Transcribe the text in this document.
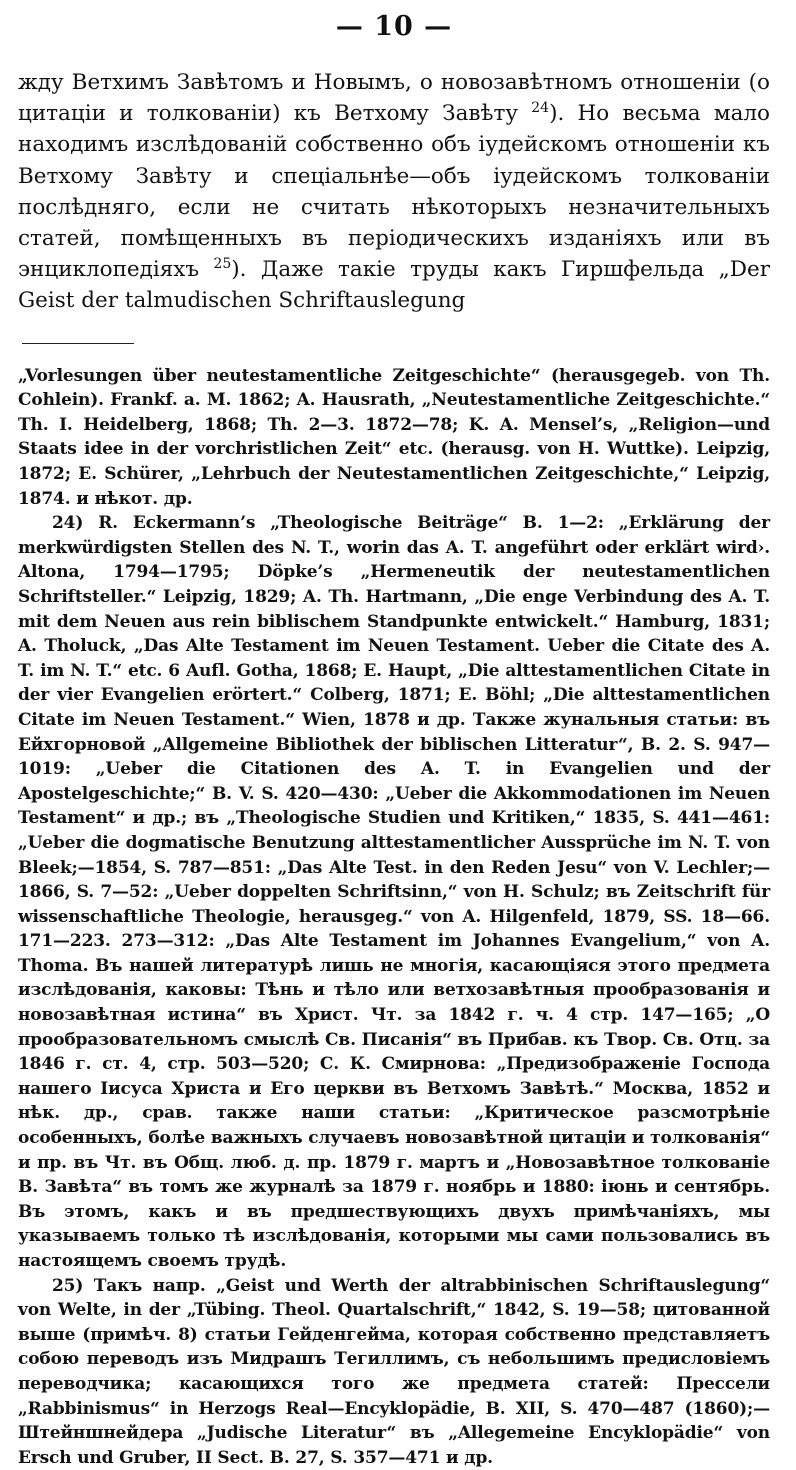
— 10 —

жду Ветхимъ Завѣтомъ и Новымъ, о новозавѣтномъ отношеніи (о цитаціи и толкованіи) къ Ветхому Завѣту $^{24}$). Но весьма мало находимъ изслѣдованій собственно объ іудейскомъ отношеніи къ Ветхому Завѣту и спеціальнѣе—объ іудейскомъ толкованіи послѣдняго, если не считать нѣкоторыхъ незначительныхъ статей, помѣщенныхъ въ періодическихъ изданіяхъ или въ энциклопедіяхъ $^{25}$). Даже такіе труды какъ Гиршфельда „Der Geist der talmudischen Schriftauslegung

„Vorlesungen über neutestamentliche Zeitgeschichte“ (herausgegeb. von Th. Cohlein). Frankf. a. M. 1862; A. Hausrath, „Neutestamentliche Zeitgeschichte.“ Th. I. Heidelberg, 1868; Th. 2—3. 1872—78; K. A. Mensel’s, „Religion—und Staats idee in der vorchristlichen Zeit“ etc. (herausg. von H. Wuttke). Leipzig, 1872; E. Schürer, „Lehrbuch der Neutestamentlichen Zeitgeschichte,“ Leipzig, 1874. и нѣкот. др.

24) R. Eckermann’s „Theologische Beiträge“ B. 1—2: „Erklärung der merkwürdigsten Stellen des N. T., worin das A. T. angeführt oder erklärt wird›. Altona, 1794—1795; Döpke’s „Hermeneutik der neutestamentlichen Schriftsteller.“ Leipzig, 1829; A. Th. Hartmann, „Die enge Verbindung des A. T. mit dem Neuen aus rein biblischem Standpunkte entwickelt.“ Hamburg, 1831; A. Tholuck, „Das Alte Testament im Neuen Testament. Ueber die Citate des A. T. im N. T.“ etc. 6 Aufl. Gotha, 1868; E. Haupt, „Die alttestamentlichen Citate in der vier Evangelien erörtert.“ Colberg, 1871; E. Böhl; „Die alttestamentlichen Citate im Neuen Testament.“ Wien, 1878 и др. Также жунальныя статьи: въ Ейхгорновой „Allgemeine Bibliothek der biblischen Litteratur“, B. 2. S. 947—1019: „Ueber die Citationen des A. T. in Evangelien und der Apostelgeschichte;“ B. V. S. 420—430: „Ueber die Akkommodationen im Neuen Testament“ и др.; въ „Theologische Studien und Kritiken,“ 1835, S. 441—461: „Ueber die dogmatische Benutzung alttestamentlicher Aussprüche im N. T. von Bleek;—1854, S. 787—851: „Das Alte Test. in den Reden Jesu“ von V. Lechler;—1866, S. 7—52: „Ueber doppelten Schriftsinn,“ von H. Schulz; въ Zeitschrift für wissenschaftliche Theologie, herausgeg.“ von A. Hilgenfeld, 1879, SS. 18—66. 171—223. 273—312: „Das Alte Testament im Johannes Evangelium,“ von A. Thoma. Въ нашей литературѣ лишь не многія, касающіяся этого предмета изслѣдованія, каковы: Тѣнь и тѣло или ветхозавѣтныя прообразованія и новозавѣтная истина“ въ Христ. Чт. за 1842 г. ч. 4 стр. 147—165; „О прообразовательномъ смыслѣ Св. Писанія“ въ Прибав. къ Твор. Св. Отц. за 1846 г. ст. 4, стр. 503—520; С. К. Смирнова: „Предизображеніе Господа нашего Іисуса Христа и Его церкви въ Ветхомъ Завѣтѣ.“ Москва, 1852 и нѣк. др., срав. также наши статьи: „Критическое разсмотрѣніе особенныхъ, болѣе важныхъ случаевъ новозавѣтной цитаціи и толкованія“ и пр. въ Чт. въ Общ. люб. д. пр. 1879 г. мартъ и „Новозавѣтное толкованіе В. Завѣта“ въ томъ же журналѣ за 1879 г. ноябрь и 1880: іюнь и сентябрь. Въ этомъ, какъ и въ предшествующихъ двухъ примѣчаніяхъ, мы указываемъ только тѣ изслѣдованія, которыми мы сами пользовались въ настоящемъ своемъ трудѣ.

25) Такъ напр. „Geist und Werth der altrabbinischen Schriftauslegung“ von Welte, in der „Tübing. Theol. Quartalschrift,“ 1842, S. 19—58; цитованной выше (примѣч. 8) статьи Гейденгейма, которая собственно представляетъ собою переводъ изъ Мидрашъ Тегиллимъ, съ небольшимъ предисловіемъ переводчика; касающихся того же предмета статей: Прессели „Rabbinismus“ in Herzogs Real—Encyklopädie, B. XII, S. 470—487 (1860);—Штейншнейдера „Judische Literatur“ въ „Allegemeine Encyklopädie“ von Ersch und Gruber, II Sect. B. 27, S. 357—471 и др.
